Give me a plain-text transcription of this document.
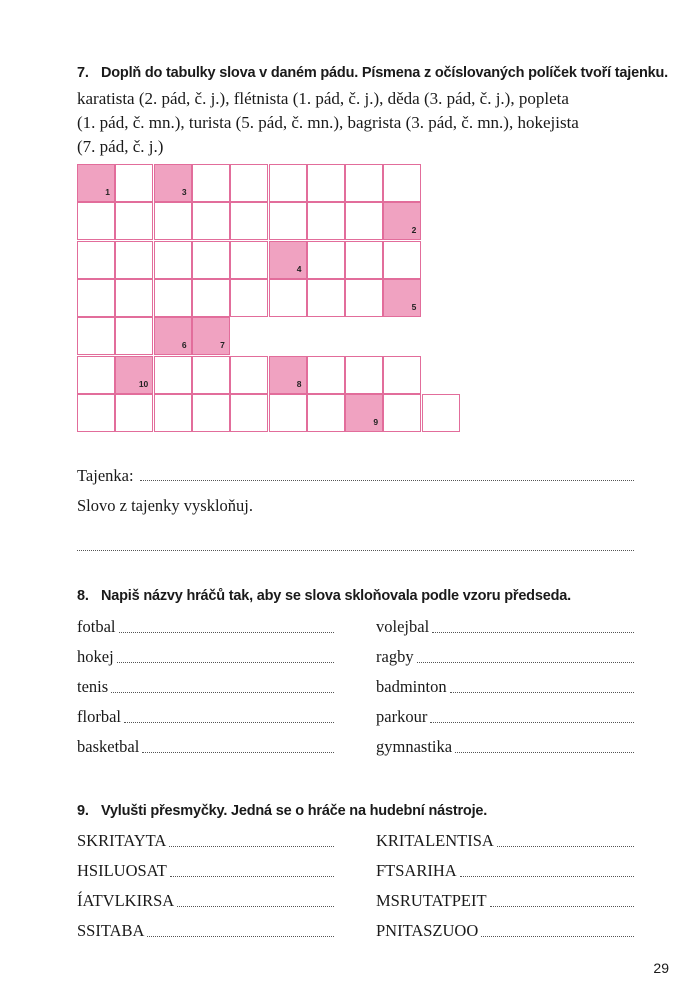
7. Doplň do tabulky slova v daném pádu. Písmena z očíslovaných políček tvoří tajenku.
karatista (2. pád, č. j.), flétnista (1. pád, č. j.), děda (3. pád, č. j.), popleta
(1. pád, č. mn.), turista (5. pád, č. mn.), bagrista (3. pád, č. mn.), hokejista
(7. pád, č. j.)
1	3
2
4
5
6	7
10	8
9
Tajenka:
Slovo z tajenky vyskloňuj.
8. Napiš názvy hráčů tak, aby se slova skloňovala podle vzoru předseda.
fotbal
hokej
tenis
florbal
basketbal
volejbal
ragby
badminton
parkour
gymnastika
9. Vylušti přesmyčky. Jedná se o hráče na hudební nástroje.
SKRITAYTA
HSILUOSAT
ÍATVLKIRSA
SSITABA
KRITALENTISA
FTSARIHA
MSRUTATPEIT
PNITASZUOO
29
